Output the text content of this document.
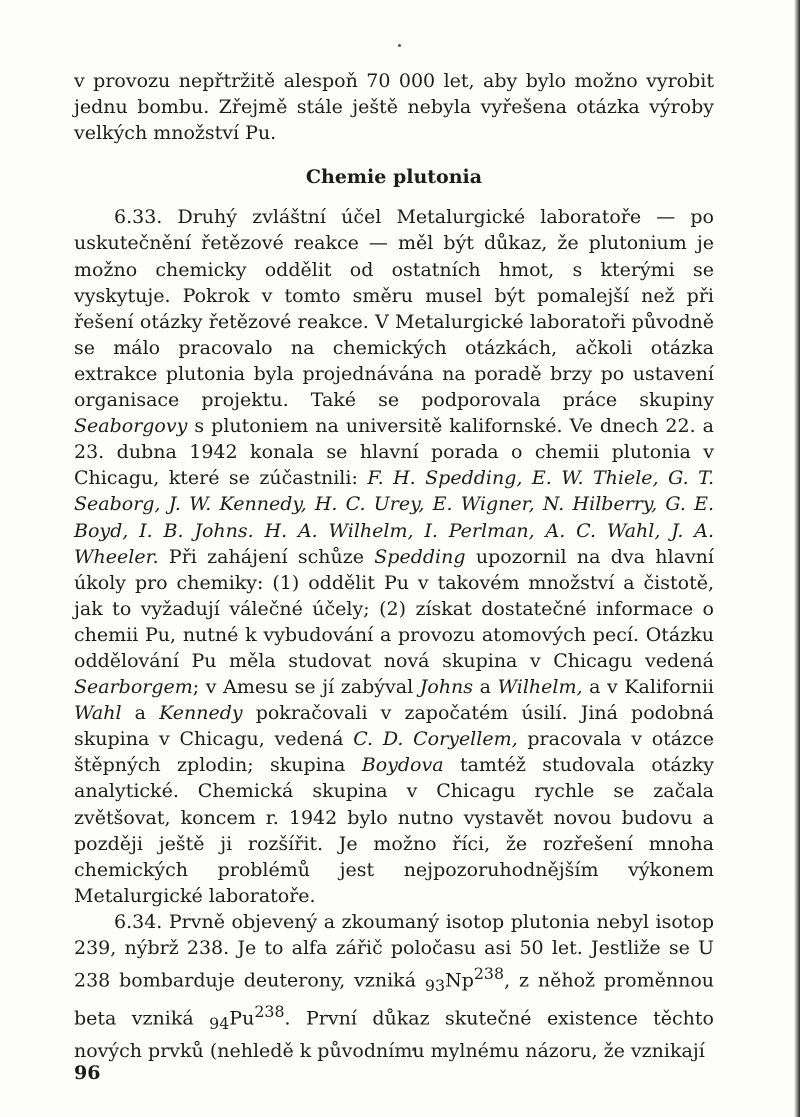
v provozu nepřtržitě alespoň 70 000 let, aby bylo možno vyrobit jednu bombu. Zřejmě stále ještě nebyla vyřešena otázka výroby velkých množství Pu.

Chemie plutonia

6.33. Druhý zvláštní účel Metalurgické laboratoře — po uskutečnění řetězové reakce — měl být důkaz, že plutonium je možno chemicky oddělit od ostatních hmot, s kterými se vyskytuje. Pokrok v tomto směru musel být pomalejší než při řešení otázky řetězové reakce. V Metalurgické laboratoři původně se málo pracovalo na chemických otázkách, ačkoli otázka extrakce plutonia byla projednávána na poradě brzy po ustavení organisace projektu. Také se podporovala práce skupiny Seaborgovy s plutoniem na universitě kalifornské. Ve dnech 22. a 23. dubna 1942 konala se hlavní porada o chemii plutonia v Chicagu, které se zúčastnili: F. H. Spedding, E. W. Thiele, G. T. Seaborg, J. W. Kennedy, H. C. Urey, E. Wigner, N. Hilberry, G. E. Boyd, I. B. Johns. H. A. Wilhelm, I. Perlman, A. C. Wahl, J. A. Wheeler. Při zahájení schůze Spedding upozornil na dva hlavní úkoly pro chemiky: (1) oddělit Pu v takovém množství a čistotě, jak to vyžadují válečné účely; (2) získat dostatečné informace o chemii Pu, nutné k vybudování a provozu atomových pecí. Otázku oddělování Pu měla studovat nová skupina v Chicagu vedená Searborgem; v Amesu se jí zabýval Johns a Wilhelm, a v Kalifornii Wahl a Kennedy pokračovali v započatém úsilí. Jiná podobná skupina v Chicagu, vedená C. D. Coryellem, pracovala v otázce štěpných zplodin; skupina Boydova tamtéž studovala otázky analytické. Chemická skupina v Chicagu rychle se začala zvětšovat, koncem r. 1942 bylo nutno vystavět novou budovu a později ještě ji rozšířit. Je možno říci, že rozřešení mnoha chemických problémů jest nejpozoruhodnějším výkonem Metalurgické laboratoře.

6.34. Prvně objevený a zkoumaný isotop plutonia nebyl isotop 239, nýbrž 238. Je to alfa zářič poločasu asi 50 let. Jestliže se U 238 bombarduje deuterony, vzniká $_{93}Np^{238}$, z něhož proměnnou beta vzniká $_{94}Pu^{238}$. První důkaz skutečné existence těchto nových prvků (nehledě k původnímu mylnému názoru, že vznikají

96
